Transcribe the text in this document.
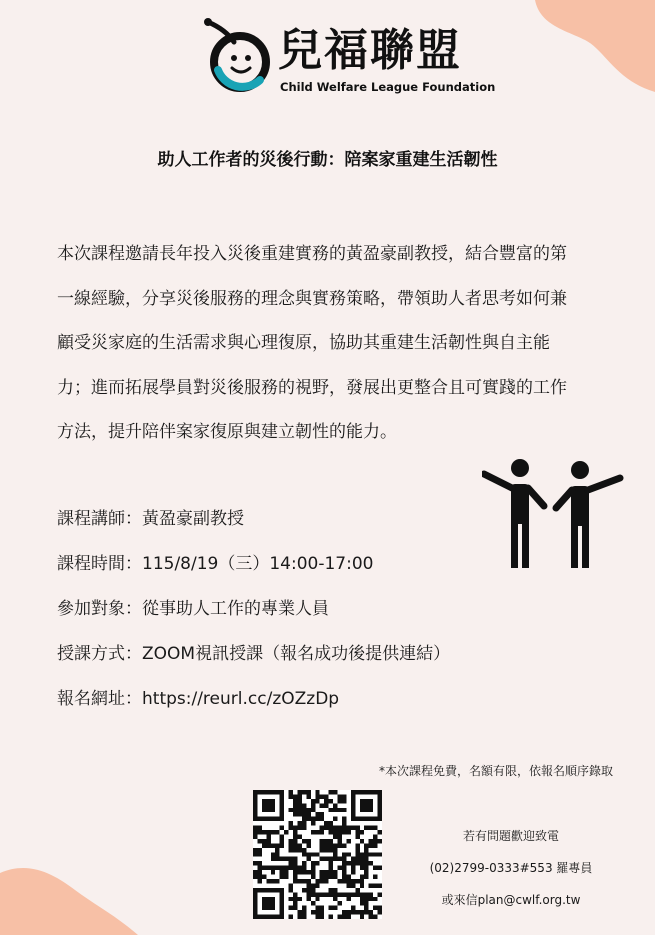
兒福聯盟
Child Welfare League Foundation
助人工作者的災後行動：陪案家重建生活韌性
本次課程邀請長年投入災後重建實務的黃盈豪副教授，結合豐富的第
一線經驗，分享災後服務的理念與實務策略，帶領助人者思考如何兼
顧受災家庭的生活需求與心理復原，協助其重建生活韌性與自主能
力；進而拓展學員對災後服務的視野，發展出更整合且可實踐的工作
方法，提升陪伴案家復原與建立韌性的能力。
課程講師：黃盈豪副教授
課程時間：115/8/19（三）14:00-17:00
參加對象：從事助人工作的專業人員
授課方式：ZOOM視訊授課（報名成功後提供連結）
報名網址：https://reurl.cc/zOZzDp
*本次課程免費，名額有限，依報名順序錄取
若有問題歡迎致電
(02)2799-0333#553 羅專員
或來信plan@cwlf.org.tw
